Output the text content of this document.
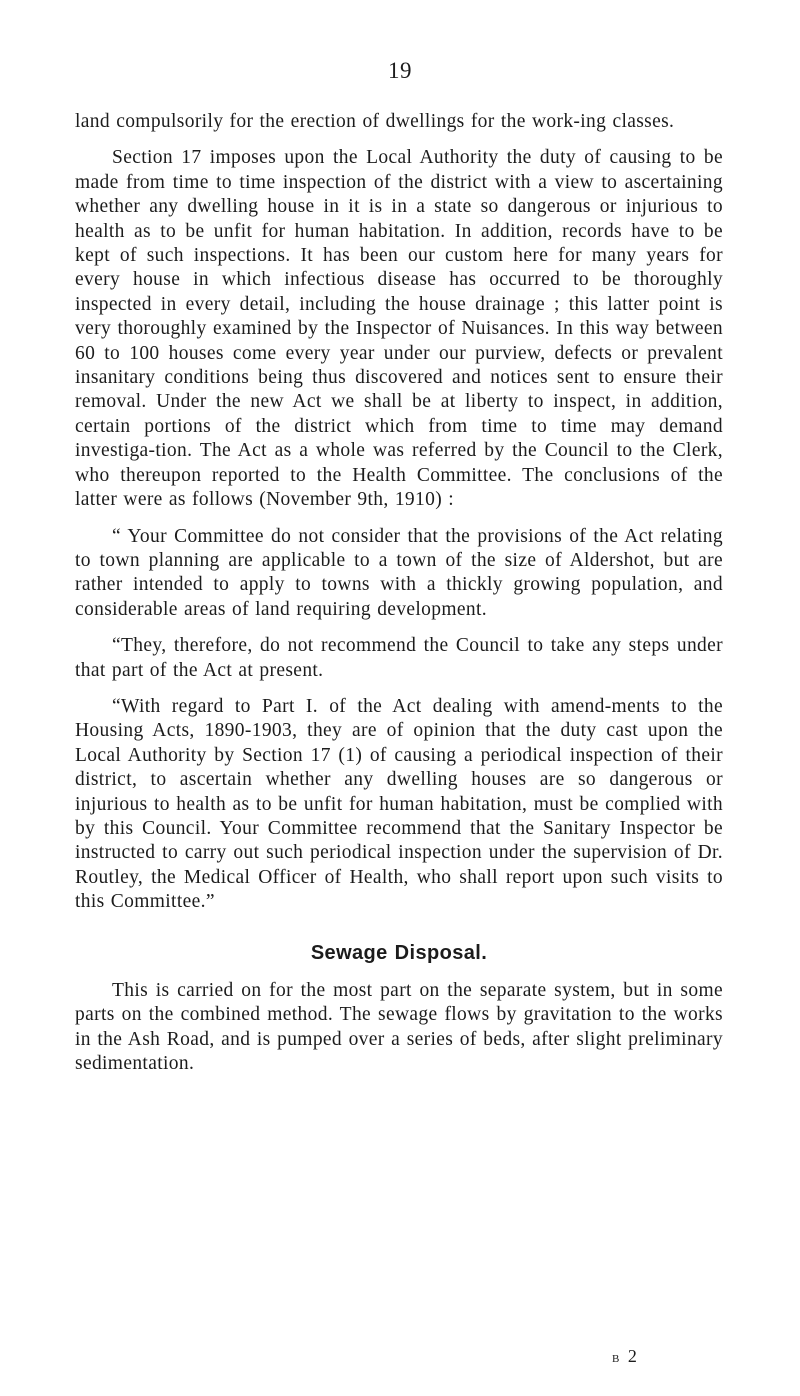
19

land compulsorily for the erection of dwellings for the work-ing classes.

Section 17 imposes upon the Local Authority the duty of causing to be made from time to time inspection of the district with a view to ascertaining whether any dwelling house in it is in a state so dangerous or injurious to health as to be unfit for human habitation. In addition, records have to be kept of such inspections. It has been our custom here for many years for every house in which infectious disease has occurred to be thoroughly inspected in every detail, including the house drainage ; this latter point is very thoroughly examined by the Inspector of Nuisances. In this way between 60 to 100 houses come every year under our purview, defects or prevalent insanitary conditions being thus discovered and notices sent to ensure their removal. Under the new Act we shall be at liberty to inspect, in addition, certain portions of the district which from time to time may demand investiga-tion. The Act as a whole was referred by the Council to the Clerk, who thereupon reported to the Health Committee. The conclusions of the latter were as follows (November 9th, 1910) :

“ Your Committee do not consider that the provisions of the Act relating to town planning are applicable to a town of the size of Aldershot, but are rather intended to apply to towns with a thickly growing population, and considerable areas of land requiring development.

“They, therefore, do not recommend the Council to take any steps under that part of the Act at present.

“With regard to Part I. of the Act dealing with amend-ments to the Housing Acts, 1890-1903, they are of opinion that the duty cast upon the Local Authority by Section 17 (1) of causing a periodical inspection of their district, to ascertain whether any dwelling houses are so dangerous or injurious to health as to be unfit for human habitation, must be complied with by this Council. Your Committee recommend that the Sanitary Inspector be instructed to carry out such periodical inspection under the supervision of Dr. Routley, the Medical Officer of Health, who shall report upon such visits to this Committee.”

Sewage Disposal.

This is carried on for the most part on the separate system, but in some parts on the combined method. The sewage flows by gravitation to the works in the Ash Road, and is pumped over a series of beds, after slight preliminary sedimentation.

b 2
